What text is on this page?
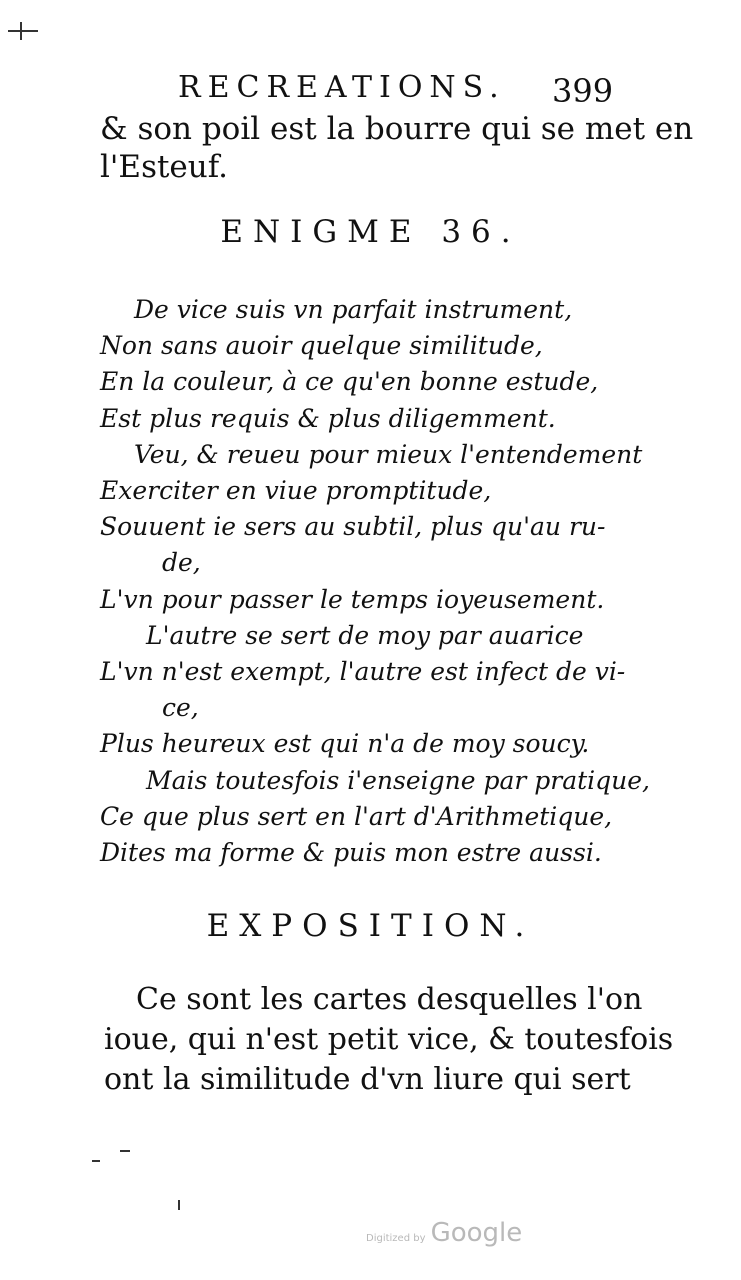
RECREATIONS. 399
& son poil est la bourre qui se met en
l'Esteuf.
ENIGME 36.
De vice suis vn parfait instrument,
Non sans auoir quelque similitude,
En la couleur, à ce qu'en bonne estude,
Est plus requis & plus diligemment.
Veu, & reueu pour mieux l'entendement
Exerciter en viue promptitude,
Souuent ie sers au subtil, plus qu'au ru-
de,
L'vn pour passer le temps ioyeusement.
L'autre se sert de moy par auarice
L'vn n'est exempt, l'autre est infect de vi-
ce,
Plus heureux est qui n'a de moy soucy.
Mais toutesfois i'enseigne par pratique,
Ce que plus sert en l'art d'Arithmetique,
Dites ma forme & puis mon estre aussi.
EXPOSITION.
Ce sont les cartes desquelles l'on
ioue, qui n'est petit vice, & toutesfois
ont la similitude d'vn liure qui sert
Digitized by Google
